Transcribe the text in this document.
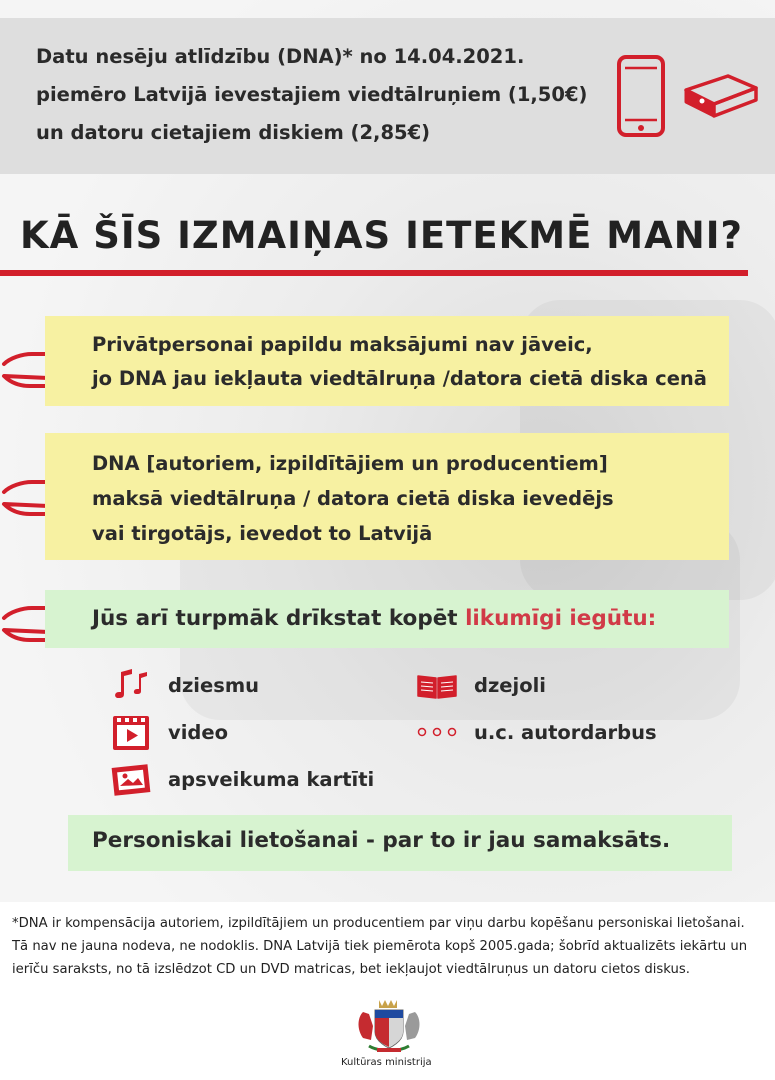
Datu nesēju atlīdzību (DNA)* no 14.04.2021.
piemēro Latvijā ievestajiem viedtālruņiem (1,50€)
un datoru cietajiem diskiem (2,85€)
KĀ ŠĪS IZMAIŅAS IETEKMĒ MANI?
Privātpersonai papildu maksājumi nav jāveic,
jo DNA jau iekļauta viedtālruņa /datora cietā diska cenā
DNA [autoriem, izpildītājiem un producentiem]
maksā viedtālruņa / datora cietā diska ievedējs
vai tirgotājs, ievedot to Latvijā
Jūs arī turpmāk drīkstat kopēt likumīgi iegūtu:
dziesmu	dzejoli
video	u.c. autordarbus
apsveikuma kartīti
Personiskai lietošanai - par to ir jau samaksāts.
*DNA ir kompensācija autoriem, izpildītājiem un producentiem par viņu darbu kopēšanu personiskai lietošanai.
Tā nav ne jauna nodeva, ne nodoklis. DNA Latvijā tiek piemērota kopš 2005.gada; šobrīd aktualizēts iekārtu un
ierīču saraksts, no tā izslēdzot CD un DVD matricas, bet iekļaujot viedtālruņus un datoru cietos diskus.
Kultūras ministrija
